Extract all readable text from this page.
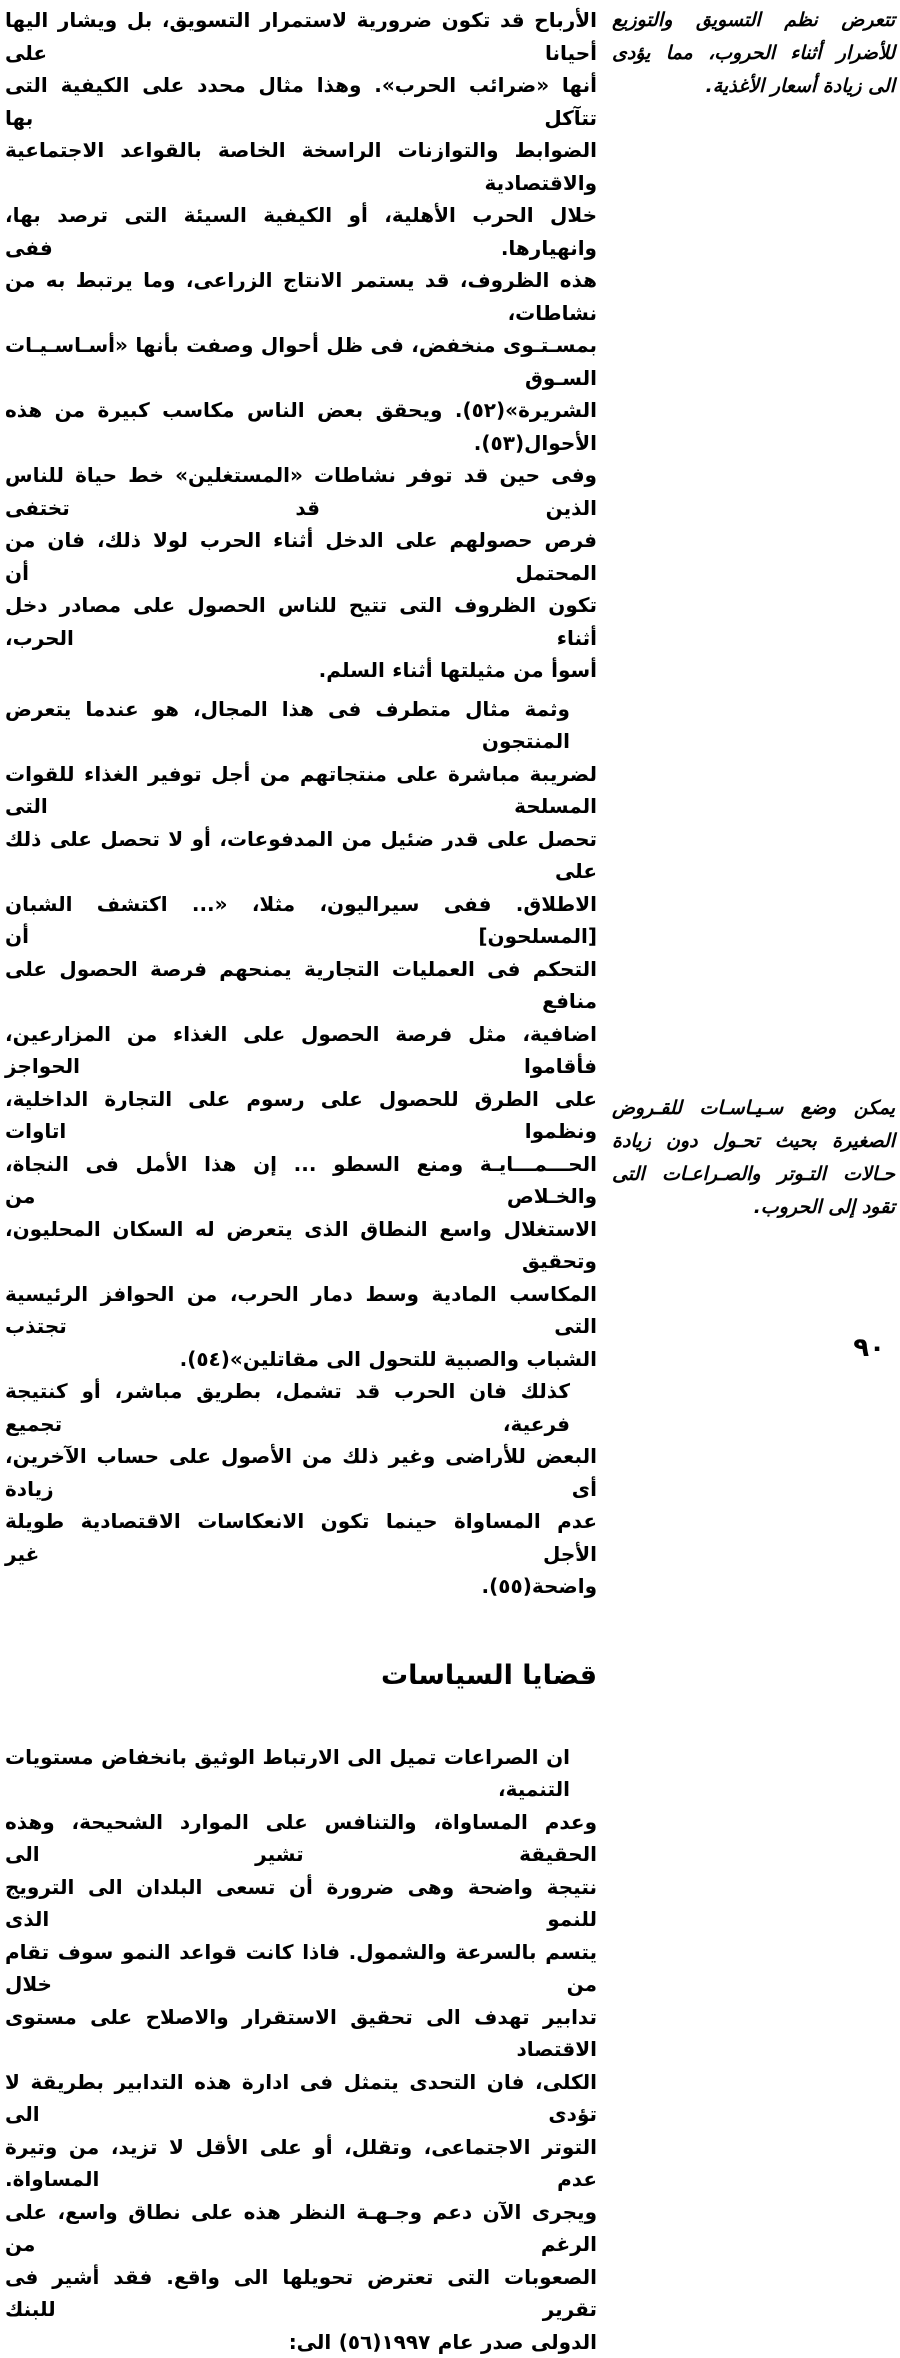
تتعرض نظم التسويق والتوزيع
للأضرار أثناء الحروب، مما يؤدى
الى زيادة أسعار الأغذية.
يمكن وضع سـيـاسـات للقـروض
الصغيرة بحيث تحـول دون زيادة
حـالات التـوتر والصـراعـات التى
تقود إلى الحروب.
الأرباح قد تكون ضرورية لاستمرار التسويق، بل ويشار اليها أحيانا على
أنها «ضرائب الحرب». وهذا مثال محدد على الكيفية التى تتآكل بها
الضوابط والتوازنات الراسخة الخاصة بالقواعد الاجتماعية والاقتصادية
خلال الحرب الأهلية، أو الكيفية السيئة التى ترصد بها، وانهيارها. ففى
هذه الظروف، قد يستمر الانتاج الزراعى، وما يرتبط به من نشاطات،
بمسـتـوى منخفض، فى ظل أحوال وصفت بأنها «أسـاسـيـات السـوق
الشريرة»(٥٢). ويحقق بعض الناس مكاسب كبيرة من هذه الأحوال(٥٣).
وفى حين قد توفر نشاطات «المستغلين» خط حياة للناس الذين قد تختفى
فرص حصولهم على الدخل أثناء الحرب لولا ذلك، فان من المحتمل أن
تكون الظروف التى تتيح للناس الحصول على مصادر دخل أثناء الحرب،
أسوأ من مثيلتها أثناء السلم.
وثمة مثال متطرف فى هذا المجال، هو عندما يتعرض المنتجون
لضريبة مباشرة على منتجاتهم من أجل توفير الغذاء للقوات المسلحة التى
تحصل على قدر ضئيل من المدفوعات، أو لا تحصل على ذلك على
الاطلاق. ففى سيراليون، مثلا، «... اكتشف الشبان [المسلحون] أن
التحكم فى العمليات التجارية يمنحهم فرصة الحصول على منافع
اضافية، مثل فرصة الحصول على الغذاء من المزارعين، فأقاموا الحواجز
على الطرق للحصول على رسوم على التجارة الداخلية، ونظموا اتاوات
الحـــمـــايـة ومنع السطو ... إن هذا الأمل فى النجاة، والخـلاص من
الاستغلال واسع النطاق الذى يتعرض له السكان المحليون، وتحقيق
المكاسب المادية وسط دمار الحرب، من الحوافز الرئيسية التى تجتذب
الشباب والصبية للتحول الى مقاتلين»(٥٤).
كذلك فان الحرب قد تشمل، بطريق مباشر، أو كنتيجة فرعية، تجميع
البعض للأراضى وغير ذلك من الأصول على حساب الآخرين، أى زيادة
عدم المساواة حينما تكون الانعكاسات الاقتصادية طويلة الأجل غير
واضحة(٥٥).
قضايا السياسات
ان الصراعات تميل الى الارتباط الوثيق بانخفاض مستويات التنمية،
وعدم المساواة، والتنافس على الموارد الشحيحة، وهذه الحقيقة تشير الى
نتيجة واضحة وهى ضرورة أن تسعى البلدان الى الترويج للنمو الذى
يتسم بالسرعة والشمول. فاذا كانت قواعد النمو سوف تقام من خلال
تدابير تهدف الى تحقيق الاستقرار والاصلاح على مستوى الاقتصاد
الكلى، فان التحدى يتمثل فى ادارة هذه التدابير بطريقة لا تؤدى الى
التوتر الاجتماعى، وتقلل، أو على الأقل لا تزيد، من وتيرة عدم المساواة.
ويجرى الآن دعم وجـهـة النظر هذه على نطاق واسع، على الرغم من
الصعوبات التى تعترض تحويلها الى واقع. فقد أشير فى تقرير للبنك
الدولى صدر عام ١٩٩٧(٥٦) الى:
٩٠
